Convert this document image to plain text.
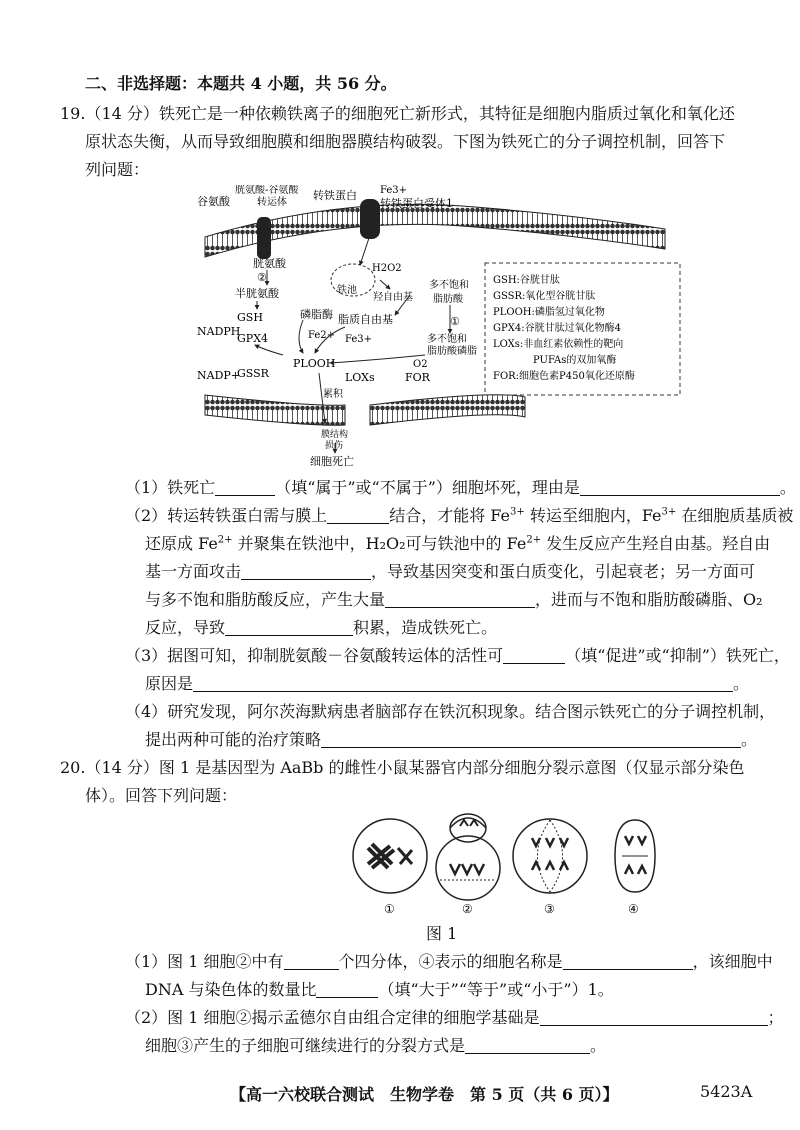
二、非选择题：本题共 4 小题，共 56 分。
19.（14 分）铁死亡是一种依赖铁离子的细胞死亡新形式，其特征是细胞内脂质过氧化和氧化还
原状态失衡，从而导致细胞膜和细胞器膜结构破裂。下图为铁死亡的分子调控机制，回答下
列问题：
谷氨酸
胱氨酸-谷氨酸
转运体
转铁蛋白 Fe3+
转铁蛋白受体1
胱氨酸
②
半胱氨酸
NADPH
NADP+
GSH
GPX4
GSSR
磷脂酶
铁池
H2O2
羟自由基
多不饱和
脂肪酸
①
脂质自由基
Fe2+ Fe3+	多不饱和
脂肪酸磷脂
O2
PLOOH
LOXs	FOR
累积
膜结构
损伤
细胞死亡
GSH:谷胱甘肽
GSSR:氧化型谷胱甘肽
PLOOH:磷脂氢过氧化物
GPX4:谷胱甘肽过氧化物酶4
LOXs:非血红素依赖性的靶向
PUFAs的双加氧酶
FOR:细胞色素P450氧化还原酶
（1）铁死亡	（填“属于”或“不属于”）细胞坏死，理由是	。
（2）转运转铁蛋白需与膜上	结合，才能将 $Fe^{3+}$ 转运至细胞内，$Fe^{3+}$ 在细胞质基质被
还原成 $Fe^{2+}$ 并聚集在铁池中，H₂O₂可与铁池中的 $Fe^{2+}$ 发生反应产生羟自由基。羟自由
基一方面攻击	，导致基因突变和蛋白质变化，引起衰老；另一方面可
与多不饱和脂肪酸反应，产生大量	，进而与不饱和脂肪酸磷脂、O₂
反应，导致	积累，造成铁死亡。
（3）据图可知，抑制胱氨酸－谷氨酸转运体的活性可	（填“促进”或“抑制”）铁死亡，
原因是	。
（4）研究发现，阿尔茨海默病患者脑部存在铁沉积现象。结合图示铁死亡的分子调控机制，
提出两种可能的治疗策略	。
20.（14 分）图 1 是基因型为 AaBb 的雌性小鼠某器官内部分细胞分裂示意图（仅显示部分染色
体）。回答下列问题：
①	②	③	④
图 1
（1）图 1 细胞②中有	个四分体，④表示的细胞名称是	，该细胞中
DNA 与染色体的数量比	（填“大于”“等于”或“小于”）1。
（2）图 1 细胞②揭示孟德尔自由组合定律的细胞学基础是	；
细胞③产生的子细胞可继续进行的分裂方式是	。
【高一六校联合测试　生物学卷　第 5 页（共 6 页）】	5423A
